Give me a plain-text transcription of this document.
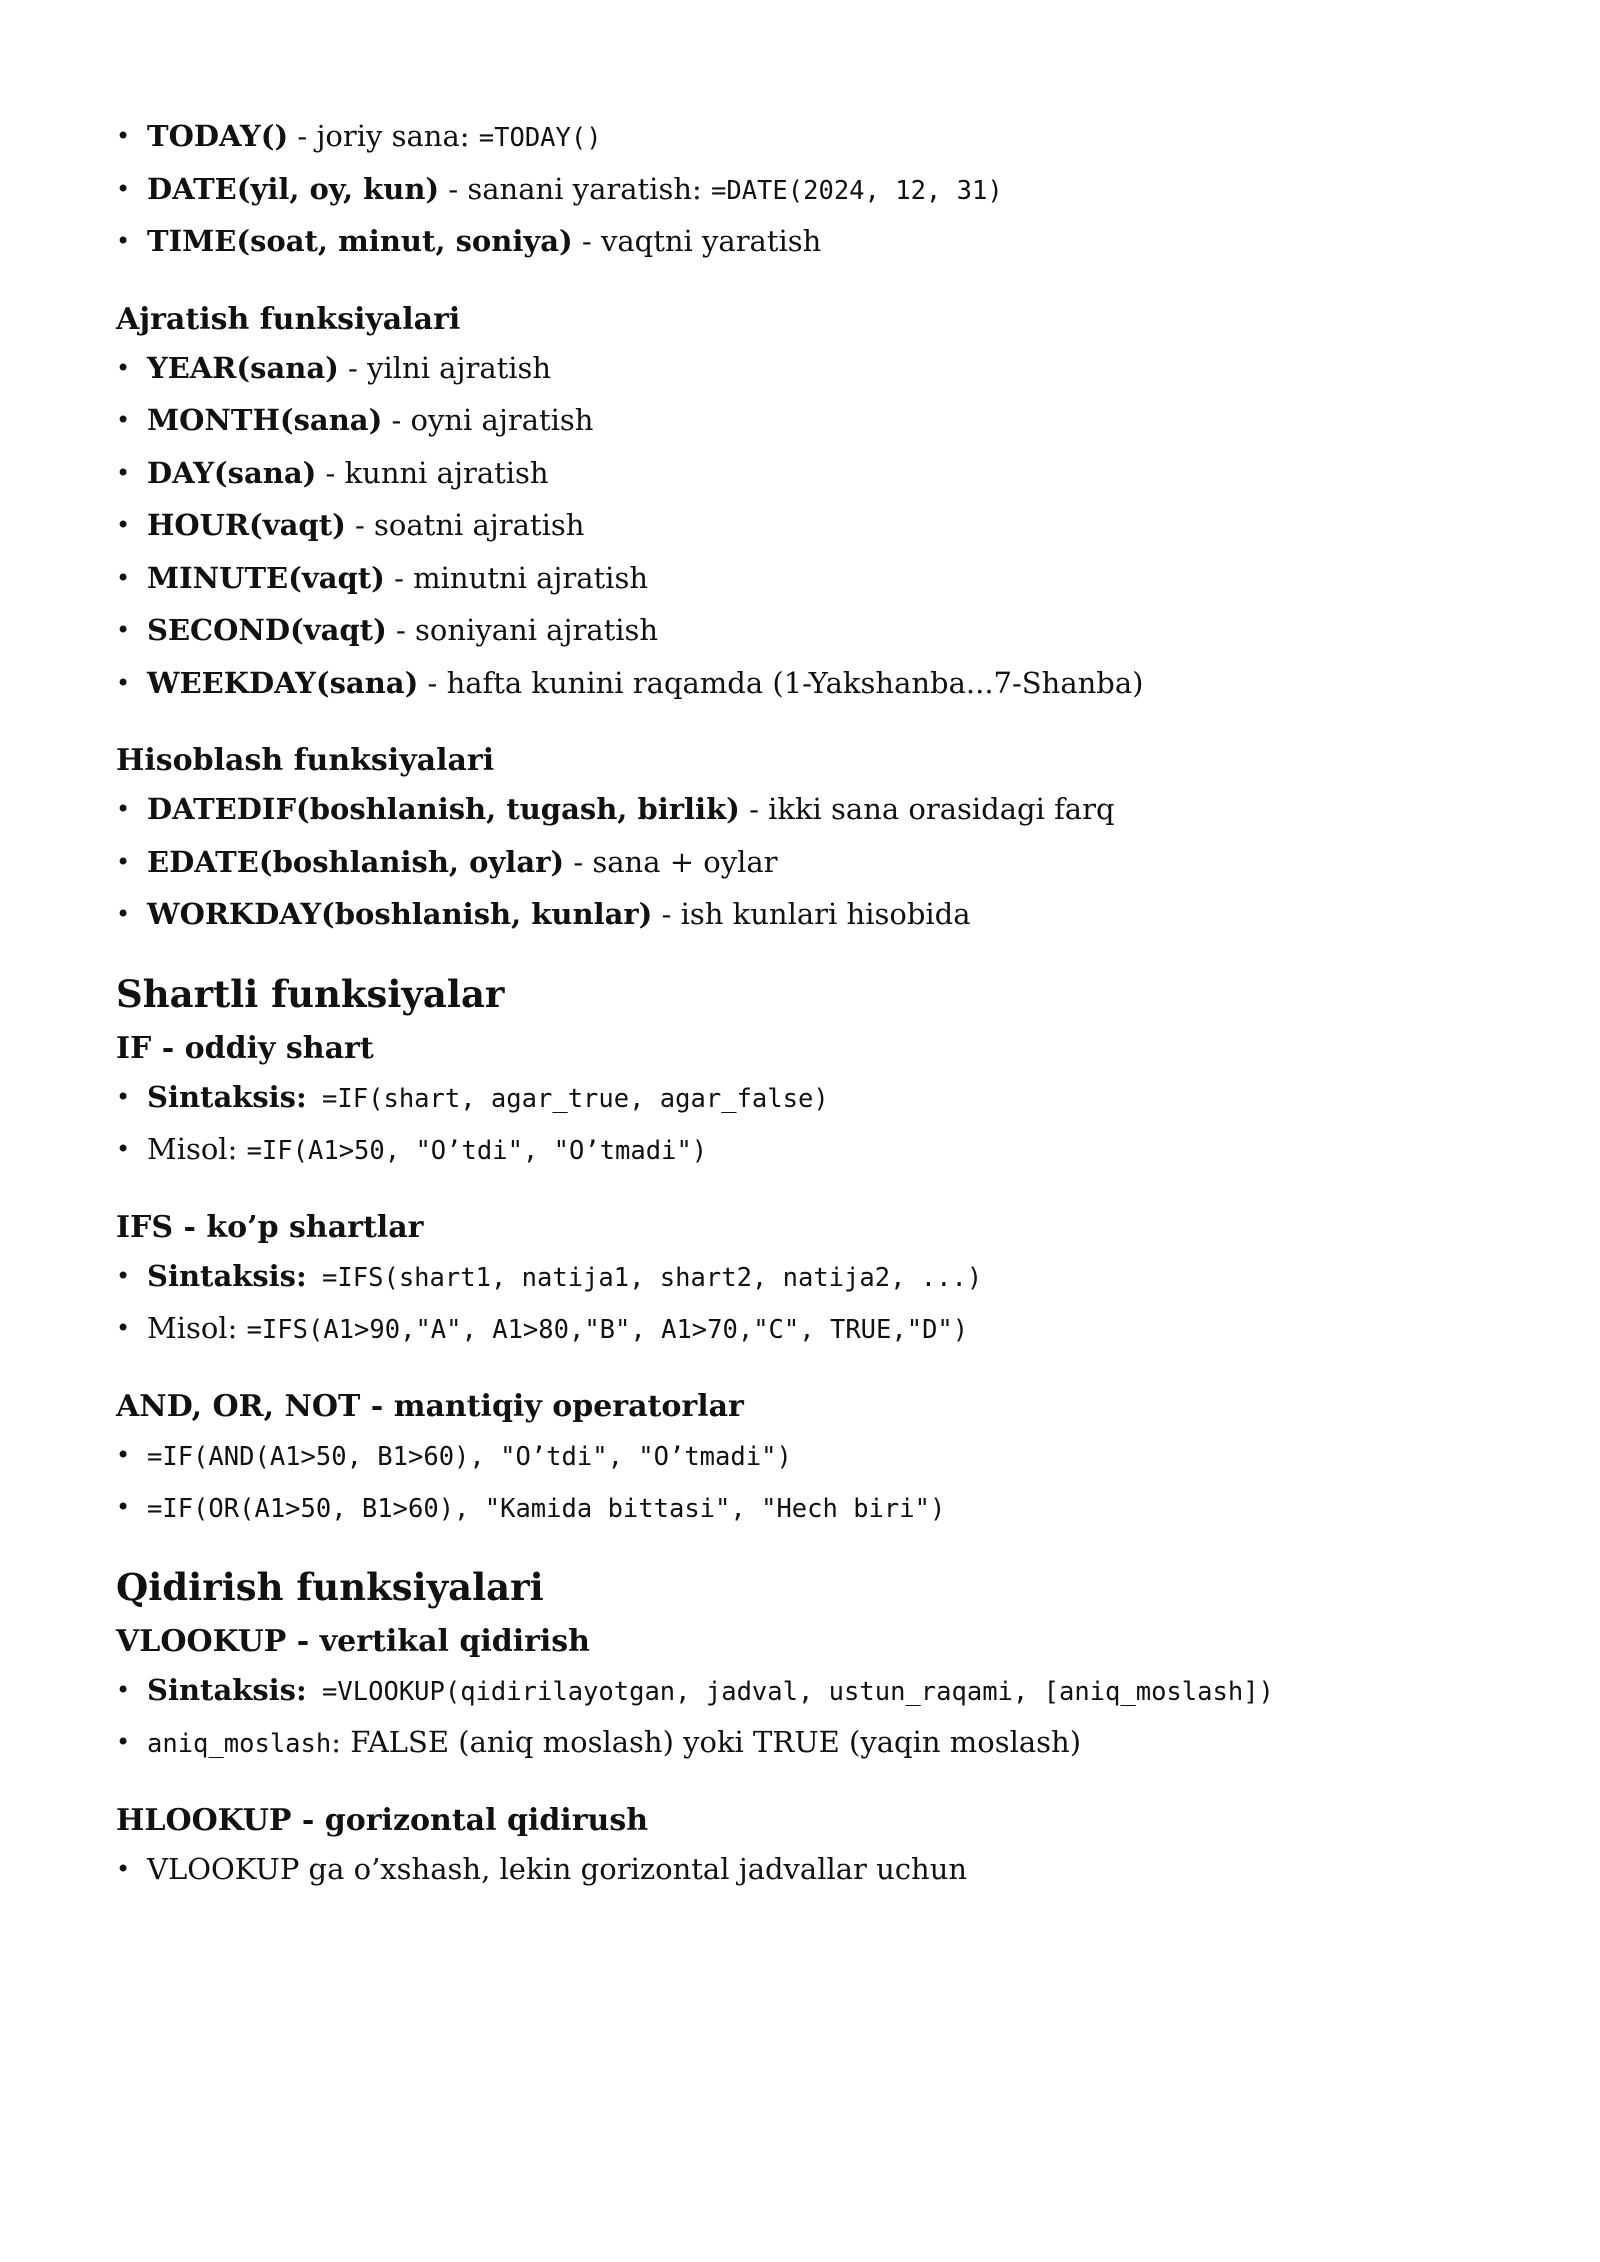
• TODAY() - joriy sana: =TODAY()
• DATE(yil, oy, kun) - sanani yaratish: =DATE(2024, 12, 31)
• TIME(soat, minut, soniya) - vaqtni yaratish
Ajratish funksiyalari
• YEAR(sana) - yilni ajratish
• MONTH(sana) - oyni ajratish
• DAY(sana) - kunni ajratish
• HOUR(vaqt) - soatni ajratish
• MINUTE(vaqt) - minutni ajratish
• SECOND(vaqt) - soniyani ajratish
• WEEKDAY(sana) - hafta kunini raqamda (1-Yakshanba...7-Shanba)
Hisoblash funksiyalari
• DATEDIF(boshlanish, tugash, birlik) - ikki sana orasidagi farq
• EDATE(boshlanish, oylar) - sana + oylar
• WORKDAY(boshlanish, kunlar) - ish kunlari hisobida
Shartli funksiyalar
IF - oddiy shart
• Sintaksis: =IF(shart, agar_true, agar_false)
• Misol: =IF(A1>50, "O’tdi", "O’tmadi")
IFS - ko’p shartlar
• Sintaksis: =IFS(shart1, natija1, shart2, natija2, ...)
• Misol: =IFS(A1>90,"A", A1>80,"B", A1>70,"C", TRUE,"D")
AND, OR, NOT - mantiqiy operatorlar
• =IF(AND(A1>50, B1>60), "O’tdi", "O’tmadi")
• =IF(OR(A1>50, B1>60), "Kamida bittasi", "Hech biri")
Qidirish funksiyalari
VLOOKUP - vertikal qidirish
• Sintaksis: =VLOOKUP(qidirilayotgan, jadval, ustun_raqami, [aniq_moslash])
• aniq_moslash: FALSE (aniq moslash) yoki TRUE (yaqin moslash)
HLOOKUP - gorizontal qidirush
• VLOOKUP ga o’xshash, lekin gorizontal jadvallar uchun
